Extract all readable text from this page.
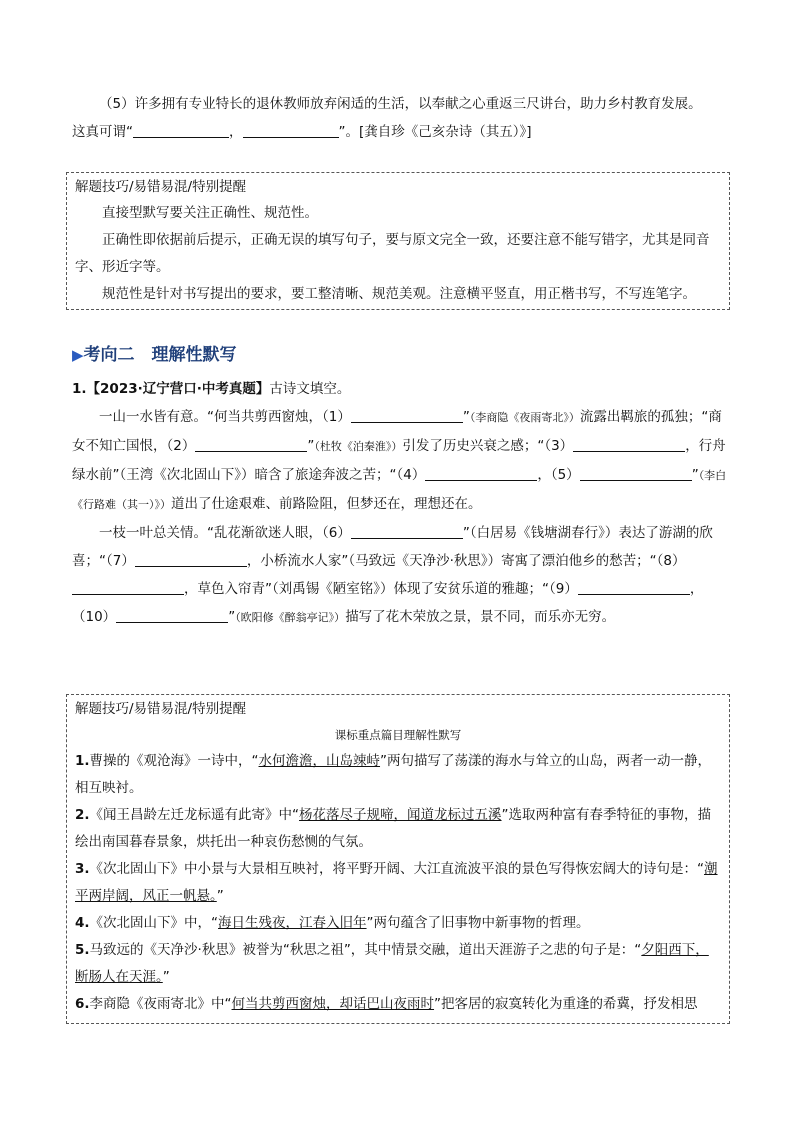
（5）许多拥有专业特长的退休教师放弃闲适的生活，以奉献之心重返三尺讲台，助力乡村教育发展。

这真可谓“	，	”。[龚自珍《己亥杂诗（其五）》]

解题技巧/易错易混/特别提醒

直接型默写要关注正确性、规范性。

正确性即依据前后提示，正确无误的填写句子，要与原文完全一致，还要注意不能写错字，尤其是同音字、形近字等。

规范性是针对书写提出的要求，要工整清晰、规范美观。注意横平竖直，用正楷书写，不写连笔字。

▶考向二　理解性默写

1.【2023·辽宁营口·中考真题】古诗文填空。

一山一水皆有意。“何当共剪西窗烛，（1）	”（李商隐《夜雨寄北》）流露出羁旅的孤独；“商女不知亡国恨，（2）	”（杜牧《泊秦淮》）引发了历史兴衰之感；“（3）	，行舟绿水前”（王湾《次北固山下》）暗含了旅途奔波之苦；“（4）	，（5）	”（李白《行路难（其一）》）道出了仕途艰难、前路险阻，但梦还在，理想还在。

一枝一叶总关情。“乱花渐欲迷人眼，（6）	”（白居易《钱塘湖春行》）表达了游湖的欣喜；“（7）	，小桥流水人家”（马致远《天净沙·秋思》）寄寓了漂泊他乡的愁苦；“（8），草色入帘青”（刘禹锡《陋室铭》）体现了安贫乐道的雅趣；“（9）	，（10）	”（欧阳修《醉翁亭记》）描写了花木荣放之景，景不同，而乐亦无穷。

解题技巧/易错易混/特别提醒

课标重点篇目理解性默写

1.曹操的《观沧海》一诗中，“水何澹澹，山岛竦峙”两句描写了荡漾的海水与耸立的山岛，两者一动一静，相互映衬。

2.《闻王昌龄左迁龙标遥有此寄》中“杨花落尽子规啼，闻道龙标过五溪”选取两种富有春季特征的事物，描绘出南国暮春景象，烘托出一种哀伤愁恻的气氛。

3.《次北固山下》中小景与大景相互映衬，将平野开阔、大江直流波平浪的景色写得恢宏阔大的诗句是：“潮平两岸阔，风正一帆悬。”

4.《次北固山下》中，“海日生残夜，江春入旧年”两句蕴含了旧事物中新事物的哲理。

5.马致远的《天净沙·秋思》被誉为“秋思之祖”，其中情景交融，道出天涯游子之悲的句子是：“夕阳西下，断肠人在天涯。”

6.李商隐《夜雨寄北》中“何当共剪西窗烛，却话巴山夜雨时”把客居的寂寞转化为重逢的希冀，抒发相思
